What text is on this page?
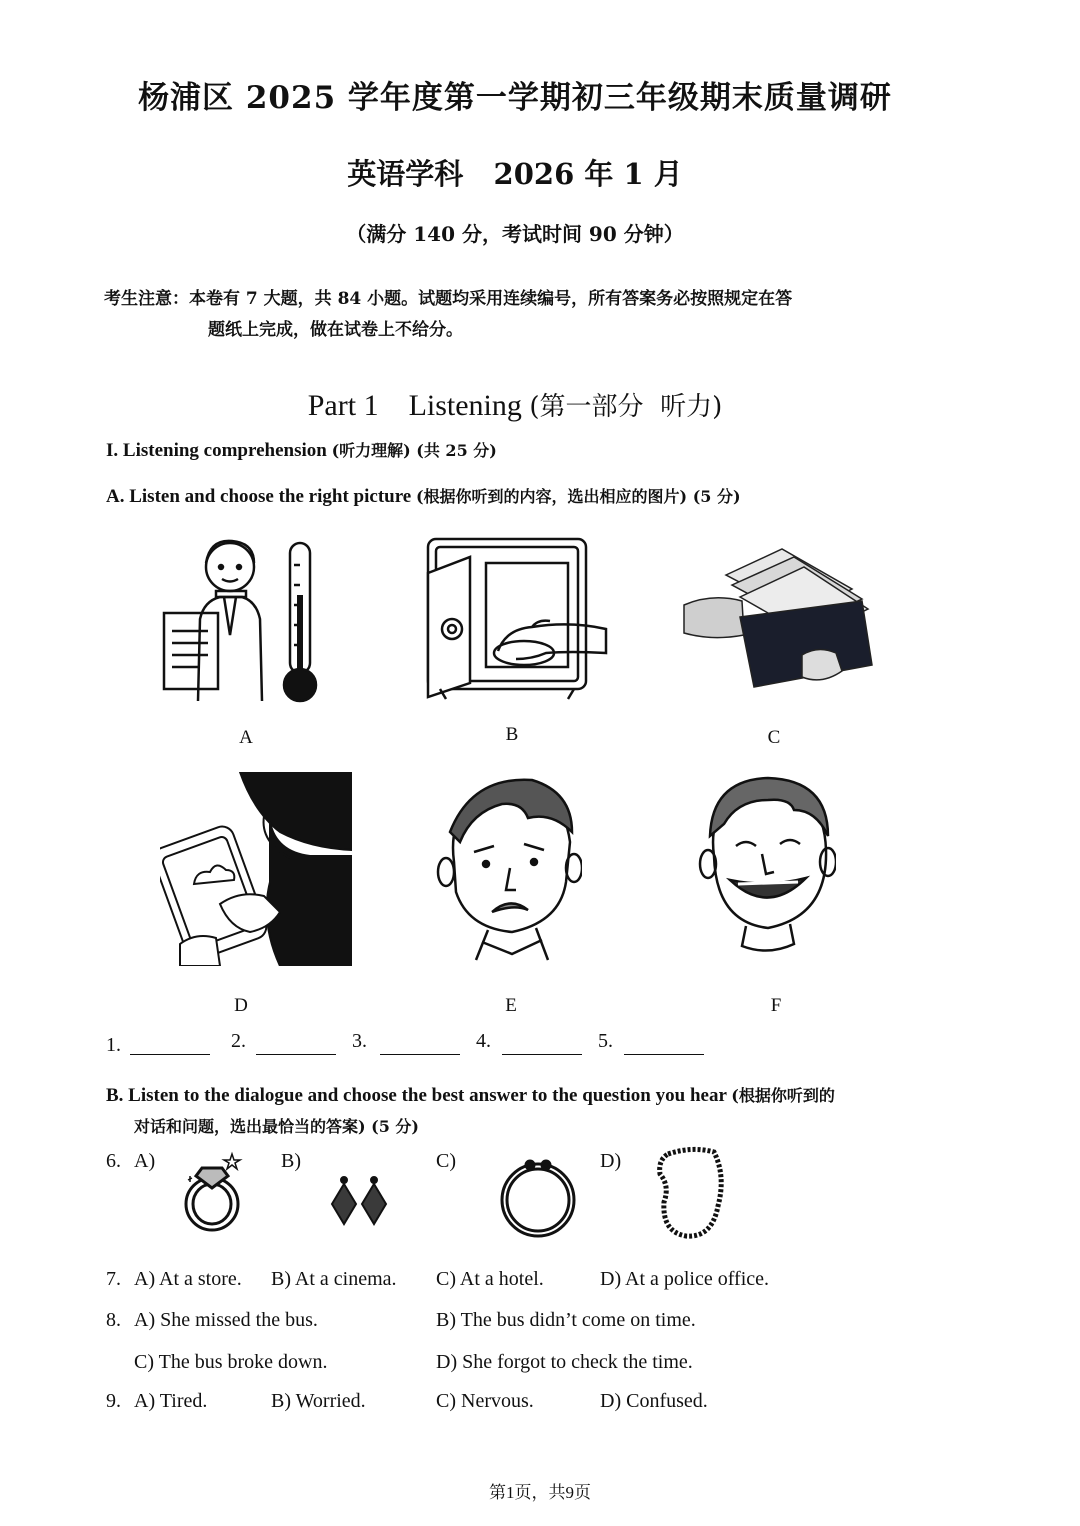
杨浦区 2025 学年度第一学期初三年级期末质量调研
英语学科   2026 年 1 月
（满分 140 分，考试时间 90 分钟）
考生注意：本卷有 7 大题，共 84 小题。试题均采用连续编号，所有答案务必按照规定在答
题纸上完成，做在试卷上不给分。
Part 1    Listening (第一部分  听力)
I. Listening comprehension (听力理解) (共 25 分)
A. Listen and choose the right picture (根据你听到的内容，选出相应的图片) (5 分)
A	B	C
D	E	F
1.	2.	3.	4.	5.
B. Listen to the dialogue and choose the best answer to the question you hear (根据你听到的
对话和问题，选出最恰当的答案) (5 分)
6. A)	B)	C)	D)
7. A) At a store. B) At a cinema. C) At a hotel.	D) At a police office.
8. A) She missed the bus.	B) The bus didn’t come on time.
C) The bus broke down.	D) She forgot to check the time.
9. A) Tired.	B) Worried.	C) Nervous.	D) Confused.
第1页，共9页
